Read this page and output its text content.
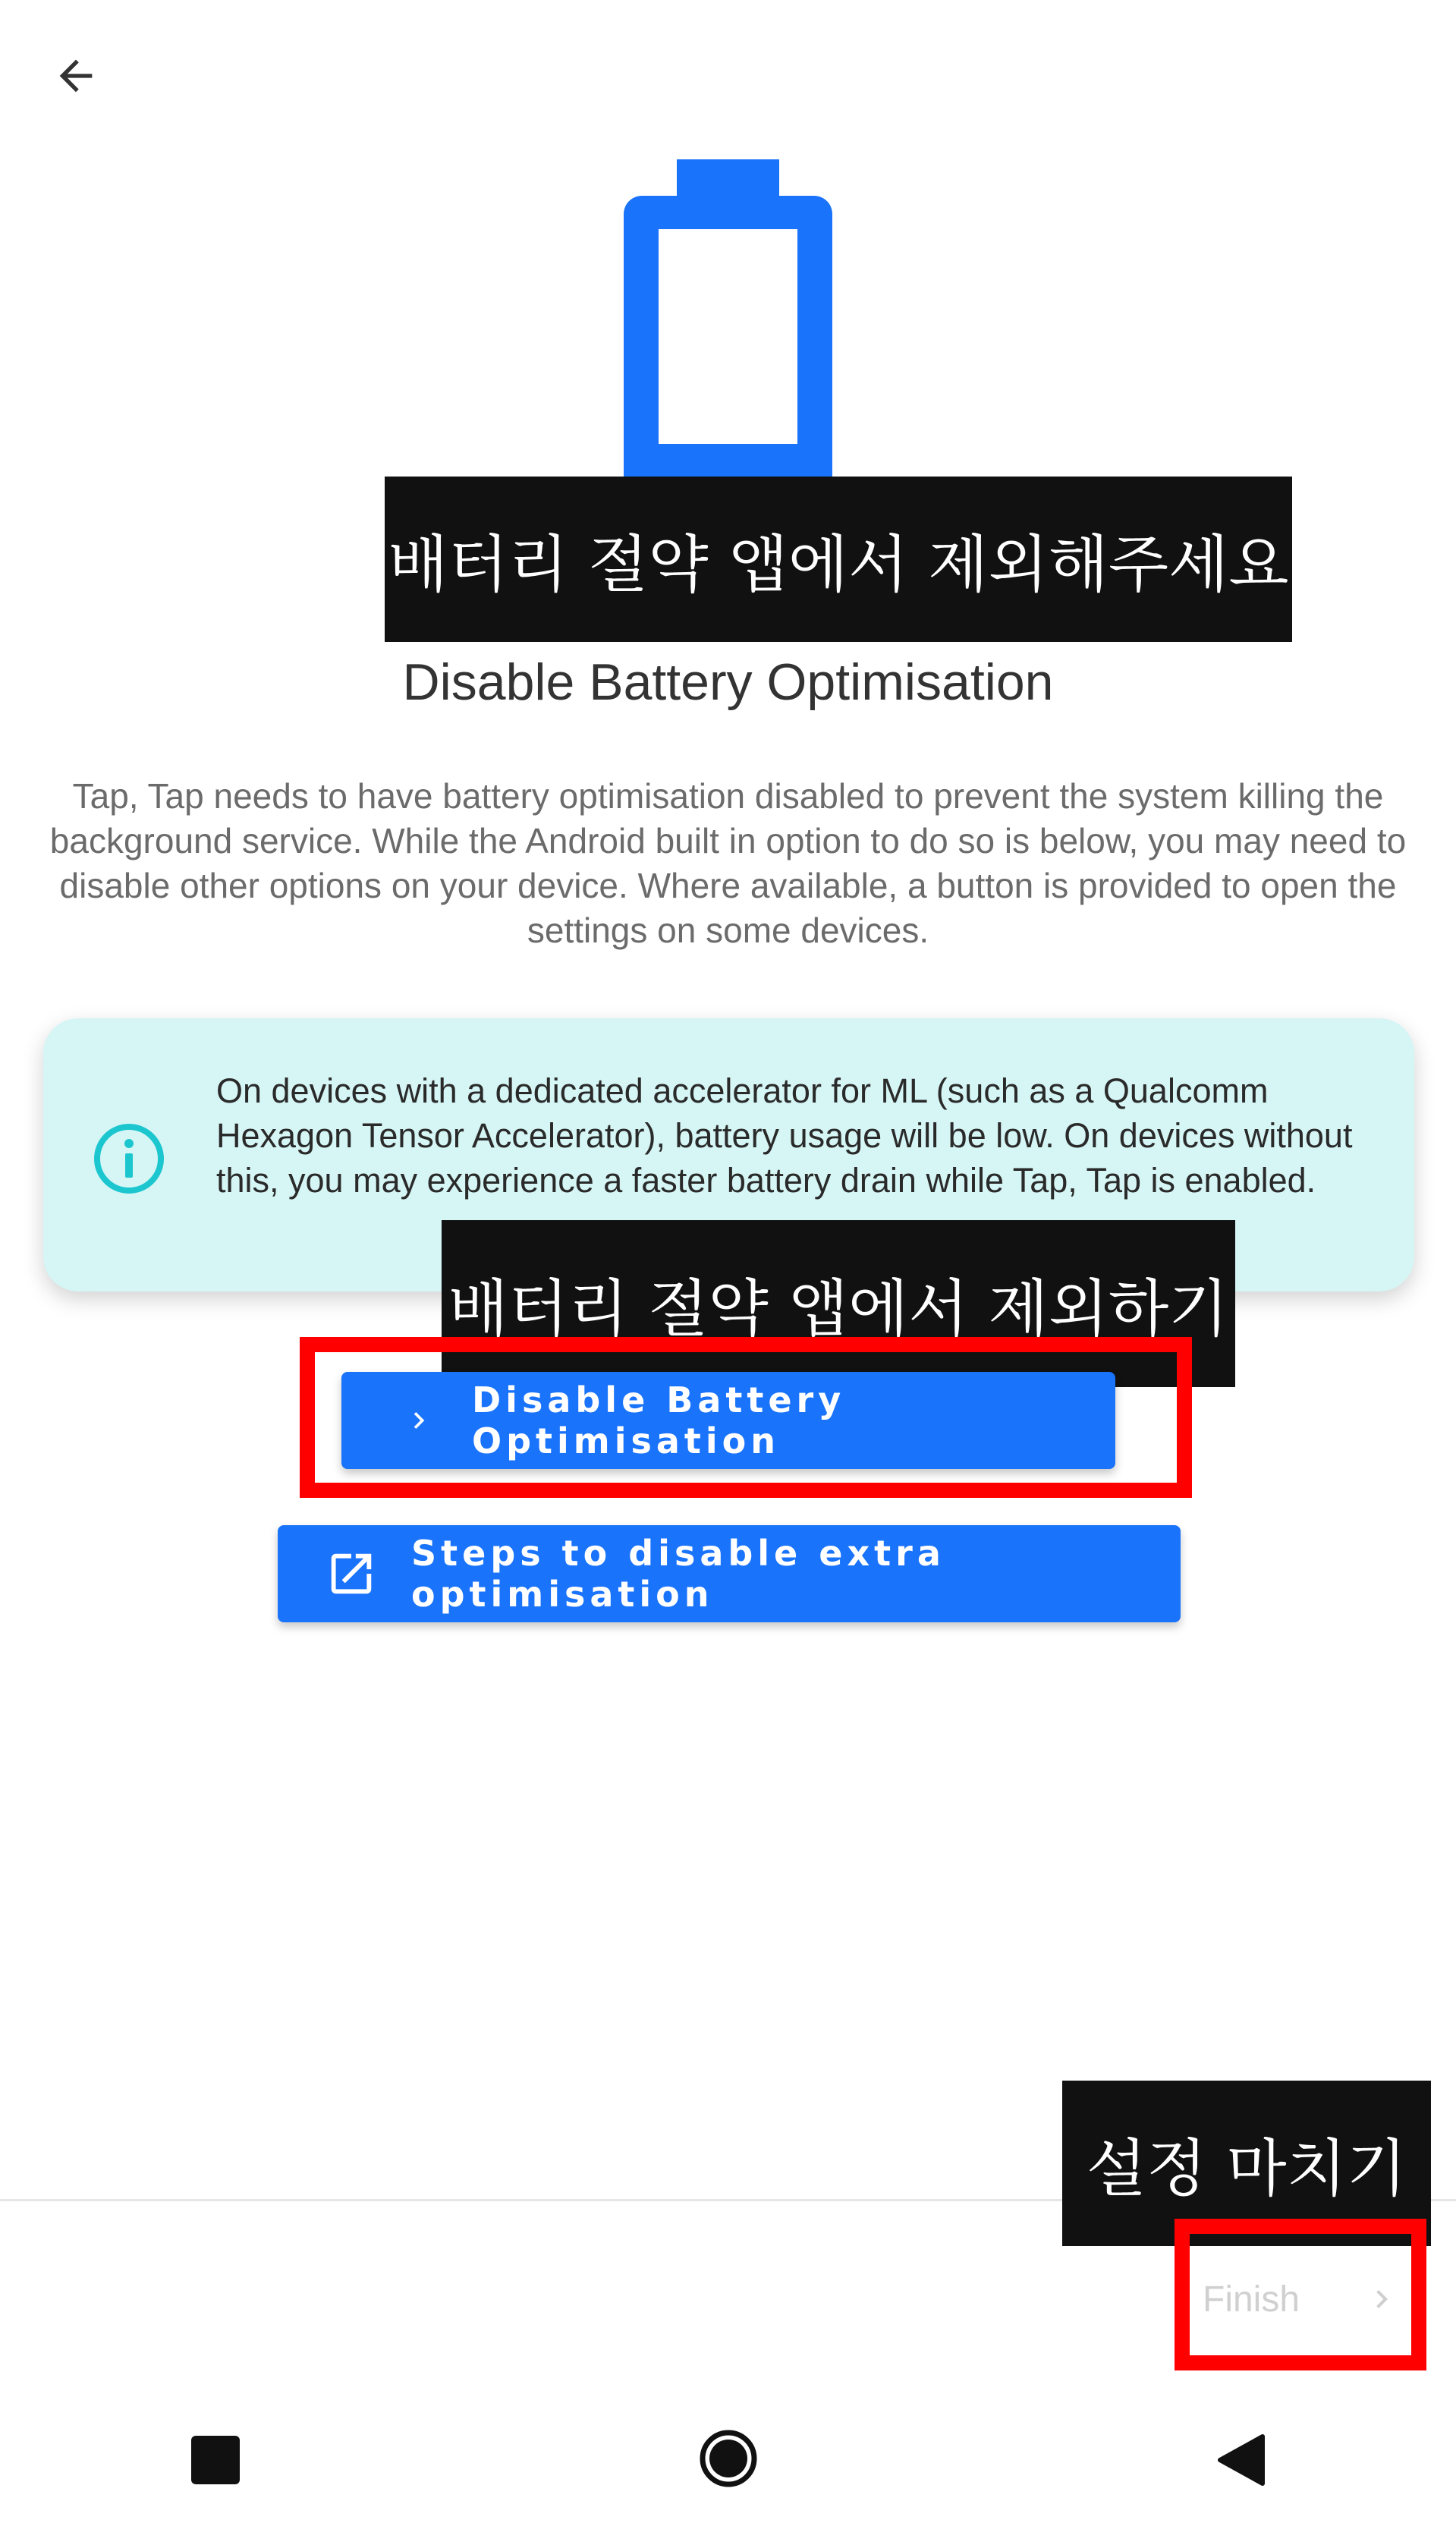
배터리 절약 앱에서 제외해주세요
Disable Battery Optimisation
Tap, Tap needs to have battery optimisation disabled to prevent the system killing the background service. While the Android built in option to do so is below, you may need to disable other options on your device. Where available, a button is provided to open the settings on some devices.
On devices with a dedicated accelerator for ML (such as a Qualcomm Hexagon Tensor Accelerator), battery usage will be low. On devices without this, you may experience a faster battery drain while Tap, Tap is enabled.
배터리 절약 앱에서 제외하기
Disable Battery Optimisation
Steps to disable extra optimisation
설정 마치기
Finish
